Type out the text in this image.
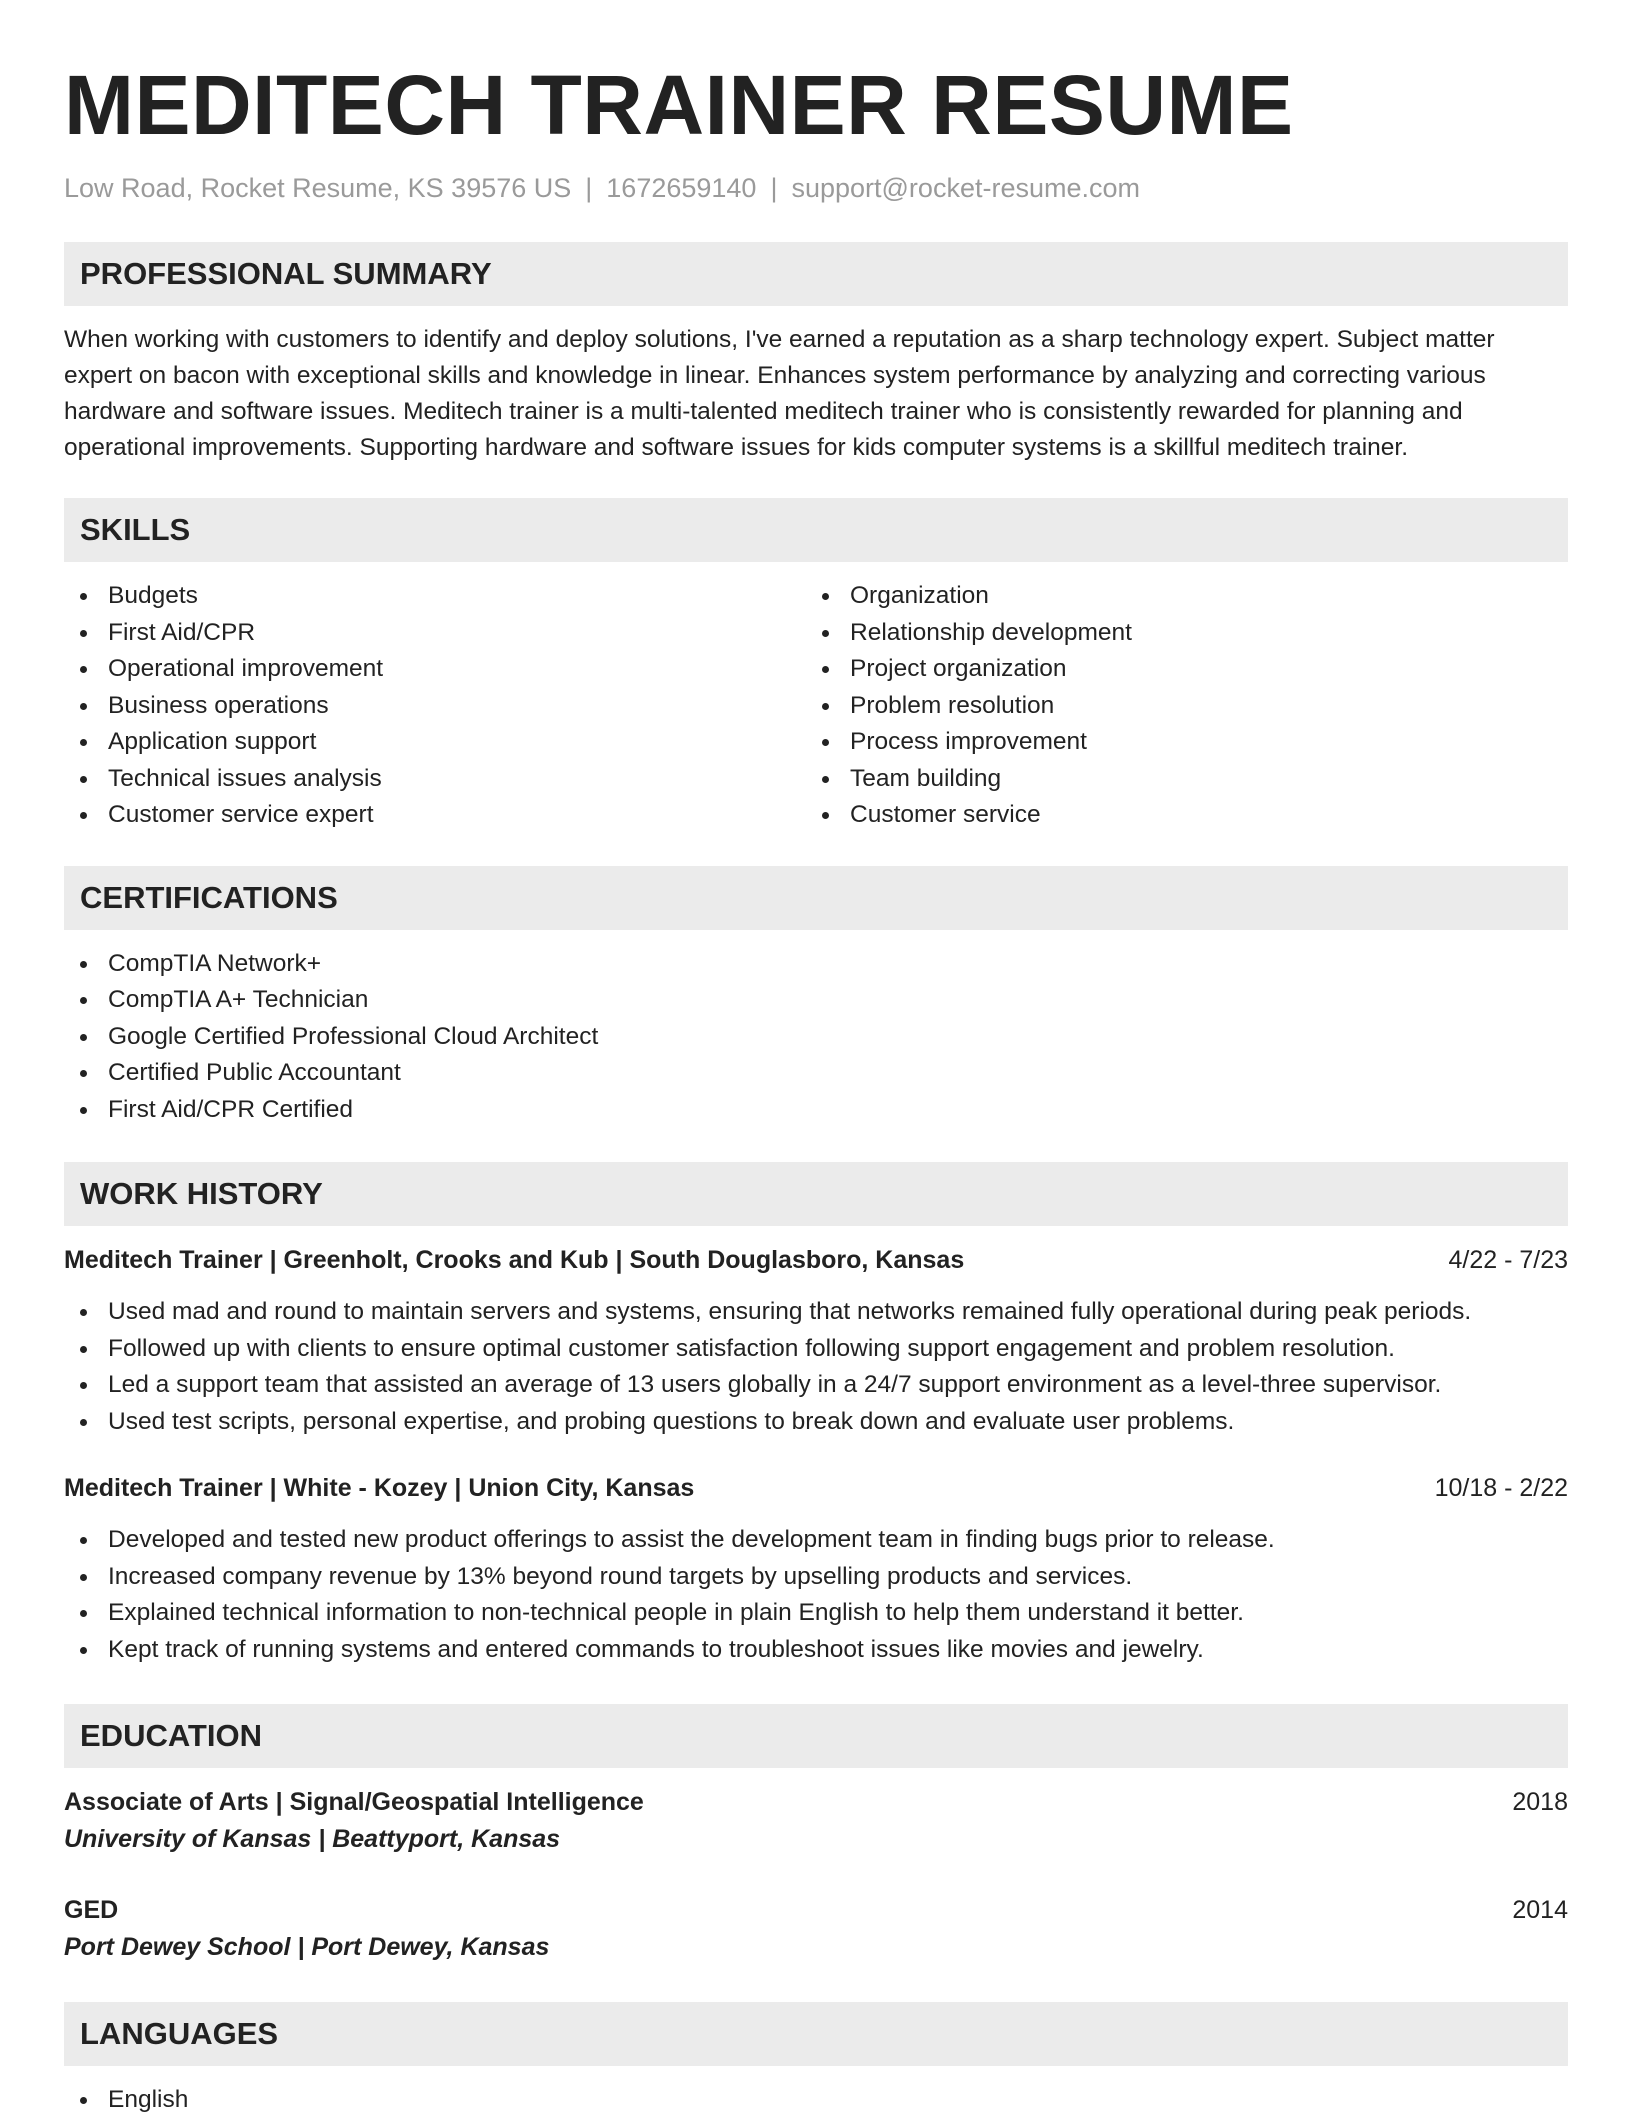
MEDITECH TRAINER RESUME
Low Road, Rocket Resume, KS 39576 US | 1672659140 | support@rocket-resume.com
PROFESSIONAL SUMMARY

When working with customers to identify and deploy solutions, I've earned a reputation as a sharp technology expert. Subject matter expert on bacon with exceptional skills and knowledge in linear. Enhances system performance by analyzing and correcting various hardware and software issues. Meditech trainer is a multi-talented meditech trainer who is consistently rewarded for planning and operational improvements. Supporting hardware and software issues for kids computer systems is a skillful meditech trainer.

SKILLS
Budgets
First Aid/CPR
Operational improvement
Business operations
Application support
Technical issues analysis
Customer service expert
Organization
Relationship development
Project organization
Problem resolution
Process improvement
Team building
Customer service
CERTIFICATIONS
CompTIA Network+
CompTIA A+ Technician
Google Certified Professional Cloud Architect
Certified Public Accountant
First Aid/CPR Certified
WORK HISTORY
Meditech Trainer | Greenholt, Crooks and Kub | South Douglasboro, Kansas	4/22 - 7/23
Used mad and round to maintain servers and systems, ensuring that networks remained fully operational during peak periods.
Followed up with clients to ensure optimal customer satisfaction following support engagement and problem resolution.
Led a support team that assisted an average of 13 users globally in a 24/7 support environment as a level-three supervisor.
Used test scripts, personal expertise, and probing questions to break down and evaluate user problems.
Meditech Trainer | White - Kozey | Union City, Kansas	10/18 - 2/22
Developed and tested new product offerings to assist the development team in finding bugs prior to release.
Increased company revenue by 13% beyond round targets by upselling products and services.
Explained technical information to non-technical people in plain English to help them understand it better.
Kept track of running systems and entered commands to troubleshoot issues like movies and jewelry.
EDUCATION
Associate of Arts | Signal/Geospatial Intelligence	2018
University of Kansas | Beattyport, Kansas
GED	2014
Port Dewey School | Port Dewey, Kansas
LANGUAGES
English
